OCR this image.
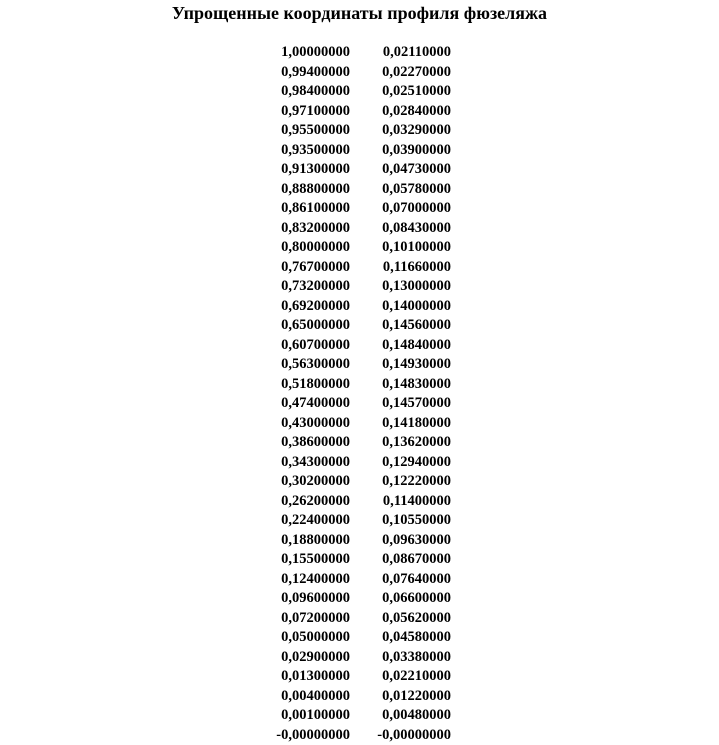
Упрощенные координаты профиля фюзеляжа
1,00000000 0,02110000
0,99400000 0,02270000
0,98400000 0,02510000
0,97100000 0,02840000
0,95500000 0,03290000
0,93500000 0,03900000
0,91300000 0,04730000
0,88800000 0,05780000
0,86100000 0,07000000
0,83200000 0,08430000
0,80000000 0,10100000
0,76700000 0,11660000
0,73200000 0,13000000
0,69200000 0,14000000
0,65000000 0,14560000
0,60700000 0,14840000
0,56300000 0,14930000
0,51800000 0,14830000
0,47400000 0,14570000
0,43000000 0,14180000
0,38600000 0,13620000
0,34300000 0,12940000
0,30200000 0,12220000
0,26200000 0,11400000
0,22400000 0,10550000
0,18800000 0,09630000
0,15500000 0,08670000
0,12400000 0,07640000
0,09600000 0,06600000
0,07200000 0,05620000
0,05000000 0,04580000
0,02900000 0,03380000
0,01300000 0,02210000
0,00400000 0,01220000
0,00100000 0,00480000
-0,00000000 -0,00000000
